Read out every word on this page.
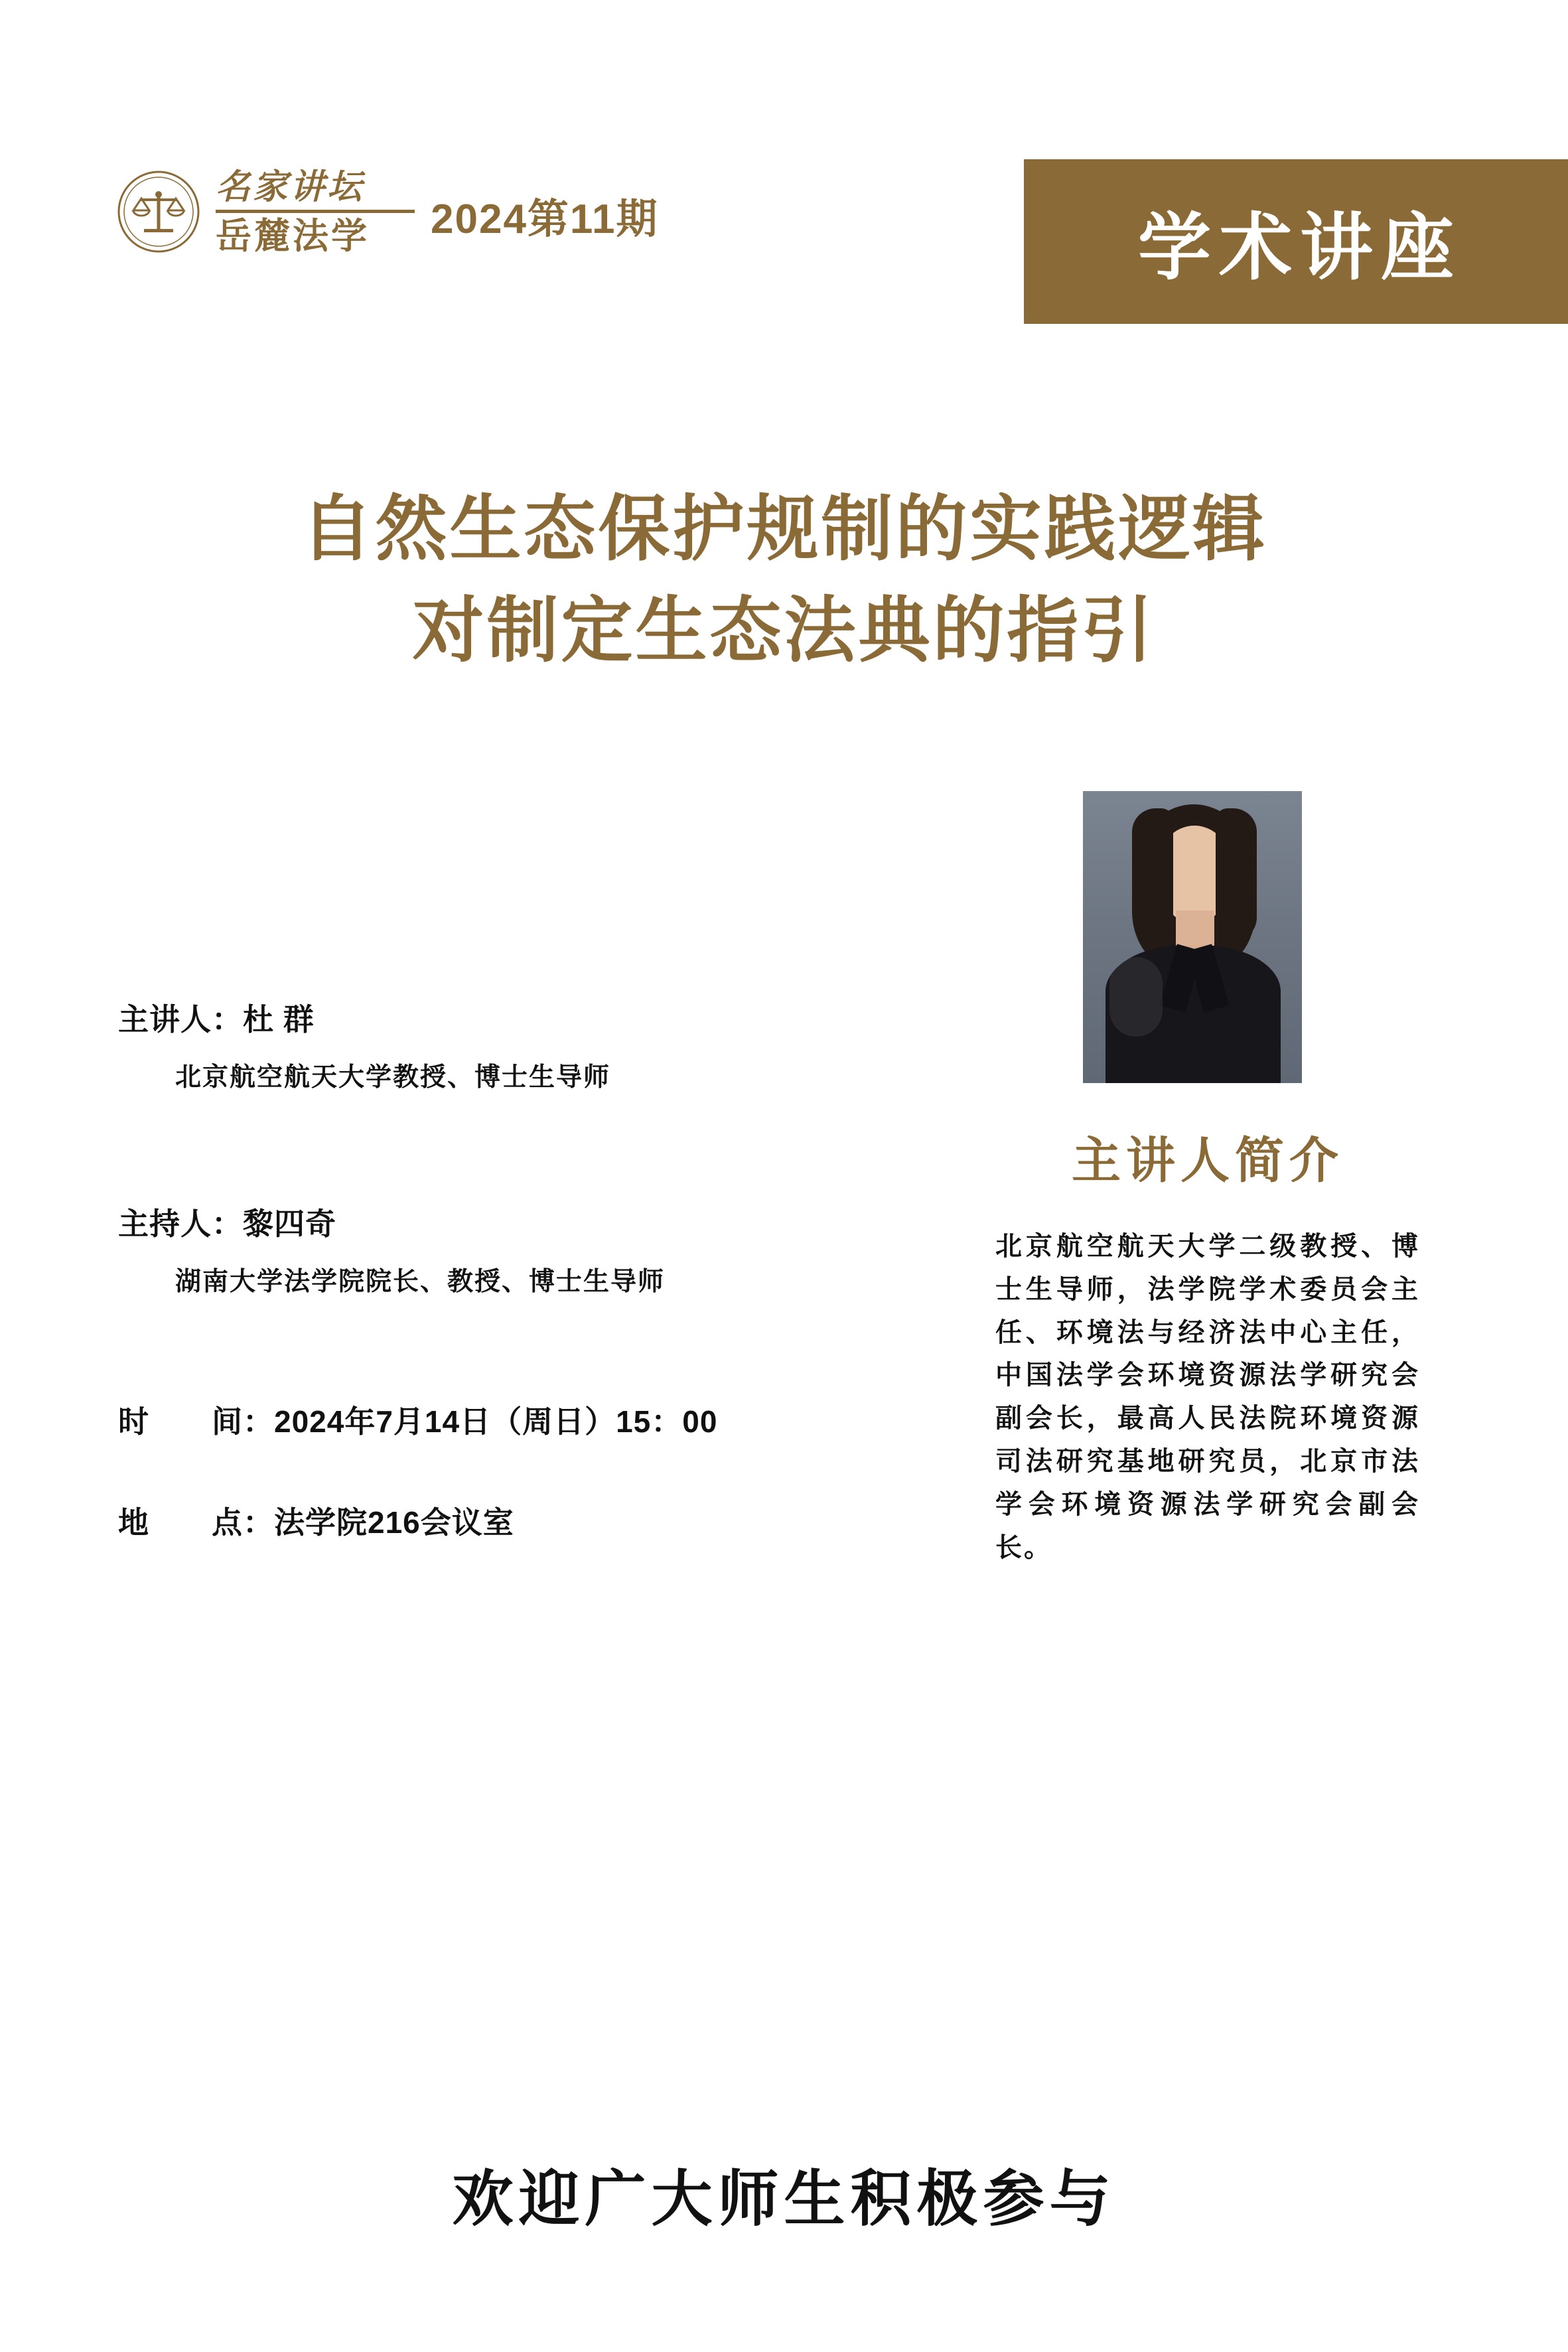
名家讲坛
岳麓法学	2024第11期	学术讲座
自然生态保护规制的实践逻辑
对制定生态法典的指引

主讲人：杜 群

北京航空航天大学教授、博士生导师

主持人：黎四奇

湖南大学法学院院长、教授、博士生导师

时　　间：2024年7月14日（周日）15：00

地　　点：法学院216会议室

主讲人简介
北京航空航天大学二级教授、博士生导师，法学院学术委员会主任、环境法与经济法中心主任，中国法学会环境资源法学研究会副会长，最高人民法院环境资源司法研究基地研究员，北京市法学会环境资源法学研究会副会长。
欢迎广大师生积极参与
